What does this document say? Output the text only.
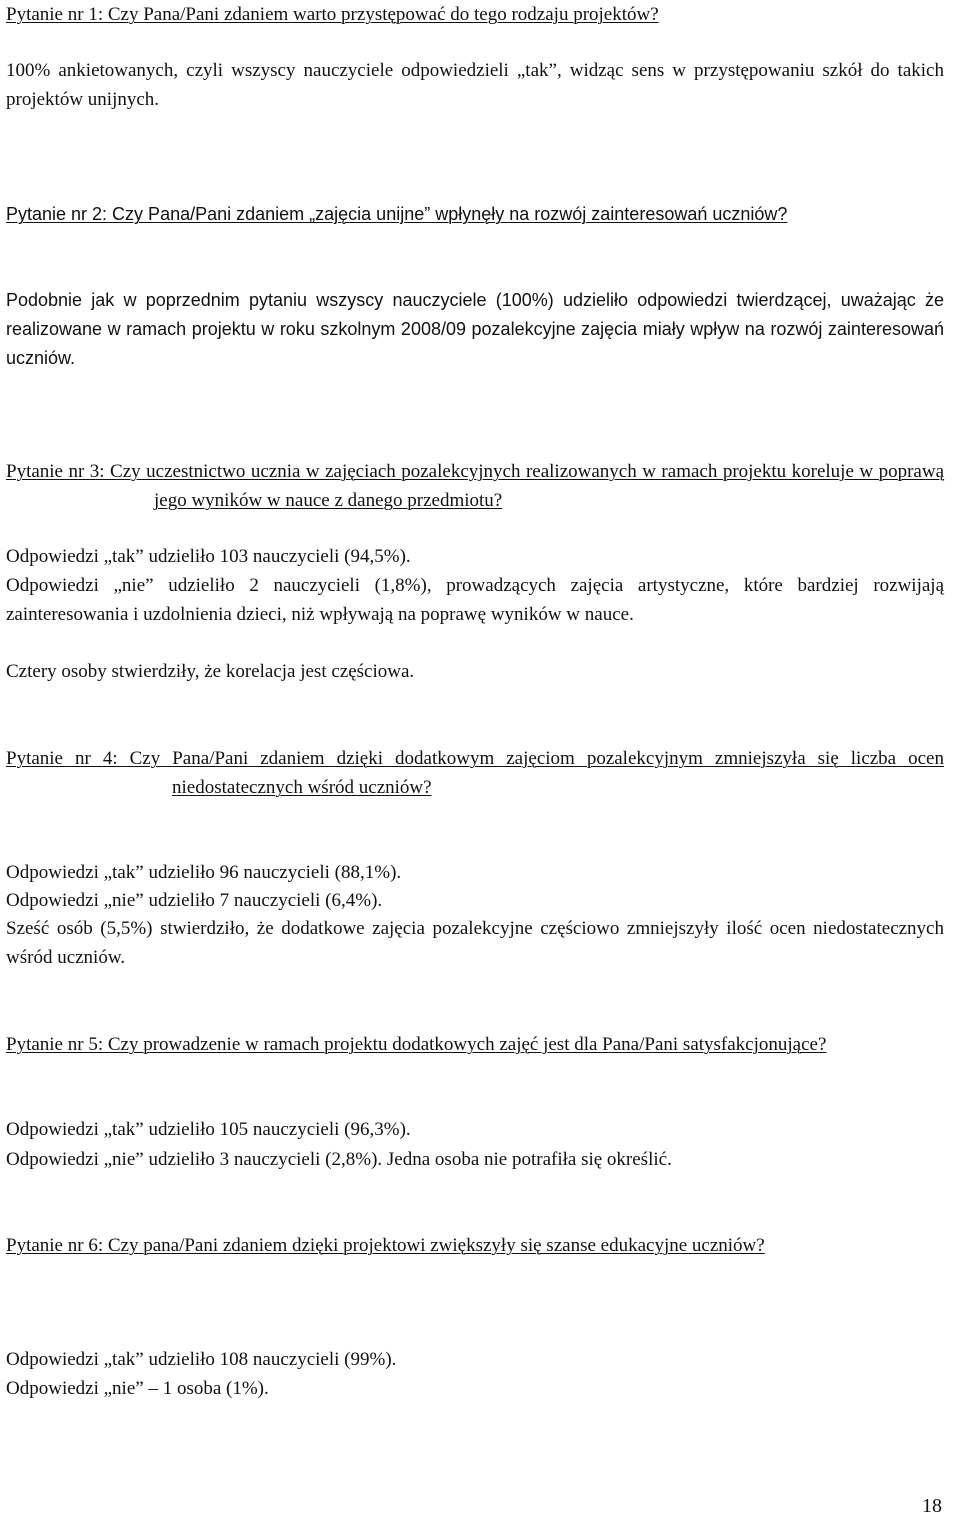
Pytanie nr 1: Czy Pana/Pani zdaniem warto przystępować do tego rodzaju projektów?

100% ankietowanych, czyli wszyscy nauczyciele odpowiedzieli „tak”, widząc sens w przystępowaniu szkół do takich projektów unijnych.

Pytanie nr 2: Czy Pana/Pani zdaniem „zajęcia unijne” wpłynęły na rozwój zainteresowań uczniów?

Podobnie jak w poprzednim pytaniu wszyscy nauczyciele (100%) udzieliło odpowiedzi twierdzącej, uważając że realizowane w ramach projektu w roku szkolnym 2008/09 pozalekcyjne zajęcia miały wpływ na rozwój zainteresowań uczniów.

Pytanie nr 3: Czy uczestnictwo ucznia w zajęciach pozalekcyjnych realizowanych w ramach projektu koreluje w poprawą jego wyników w nauce z danego przedmiotu?

Odpowiedzi „tak” udzieliło 103 nauczycieli (94,5%).

Odpowiedzi „nie” udzieliło 2 nauczycieli (1,8%), prowadzących zajęcia artystyczne, które bardziej rozwijają zainteresowania i uzdolnienia dzieci, niż wpływają na poprawę wyników w nauce.

Cztery osoby stwierdziły, że korelacja jest częściowa.

Pytanie nr 4: Czy Pana/Pani zdaniem dzięki dodatkowym zajęciom pozalekcyjnym zmniejszyła się liczba ocen niedostatecznych wśród uczniów?

Odpowiedzi „tak” udzieliło 96 nauczycieli (88,1%).

Odpowiedzi „nie” udzieliło 7 nauczycieli (6,4%).

Sześć osób (5,5%) stwierdziło, że dodatkowe zajęcia pozalekcyjne częściowo zmniejszyły ilość ocen niedostatecznych wśród uczniów.

Pytanie nr 5: Czy prowadzenie w ramach projektu dodatkowych zajęć jest dla Pana/Pani satysfakcjonujące?

Odpowiedzi „tak” udzieliło 105 nauczycieli (96,3%).

Odpowiedzi „nie” udzieliło 3 nauczycieli (2,8%). Jedna osoba nie potrafiła się określić.

Pytanie nr 6: Czy pana/Pani zdaniem dzięki projektowi zwiększyły się szanse edukacyjne uczniów?

Odpowiedzi „tak” udzieliło 108 nauczycieli (99%).

Odpowiedzi „nie” – 1 osoba (1%).

18
